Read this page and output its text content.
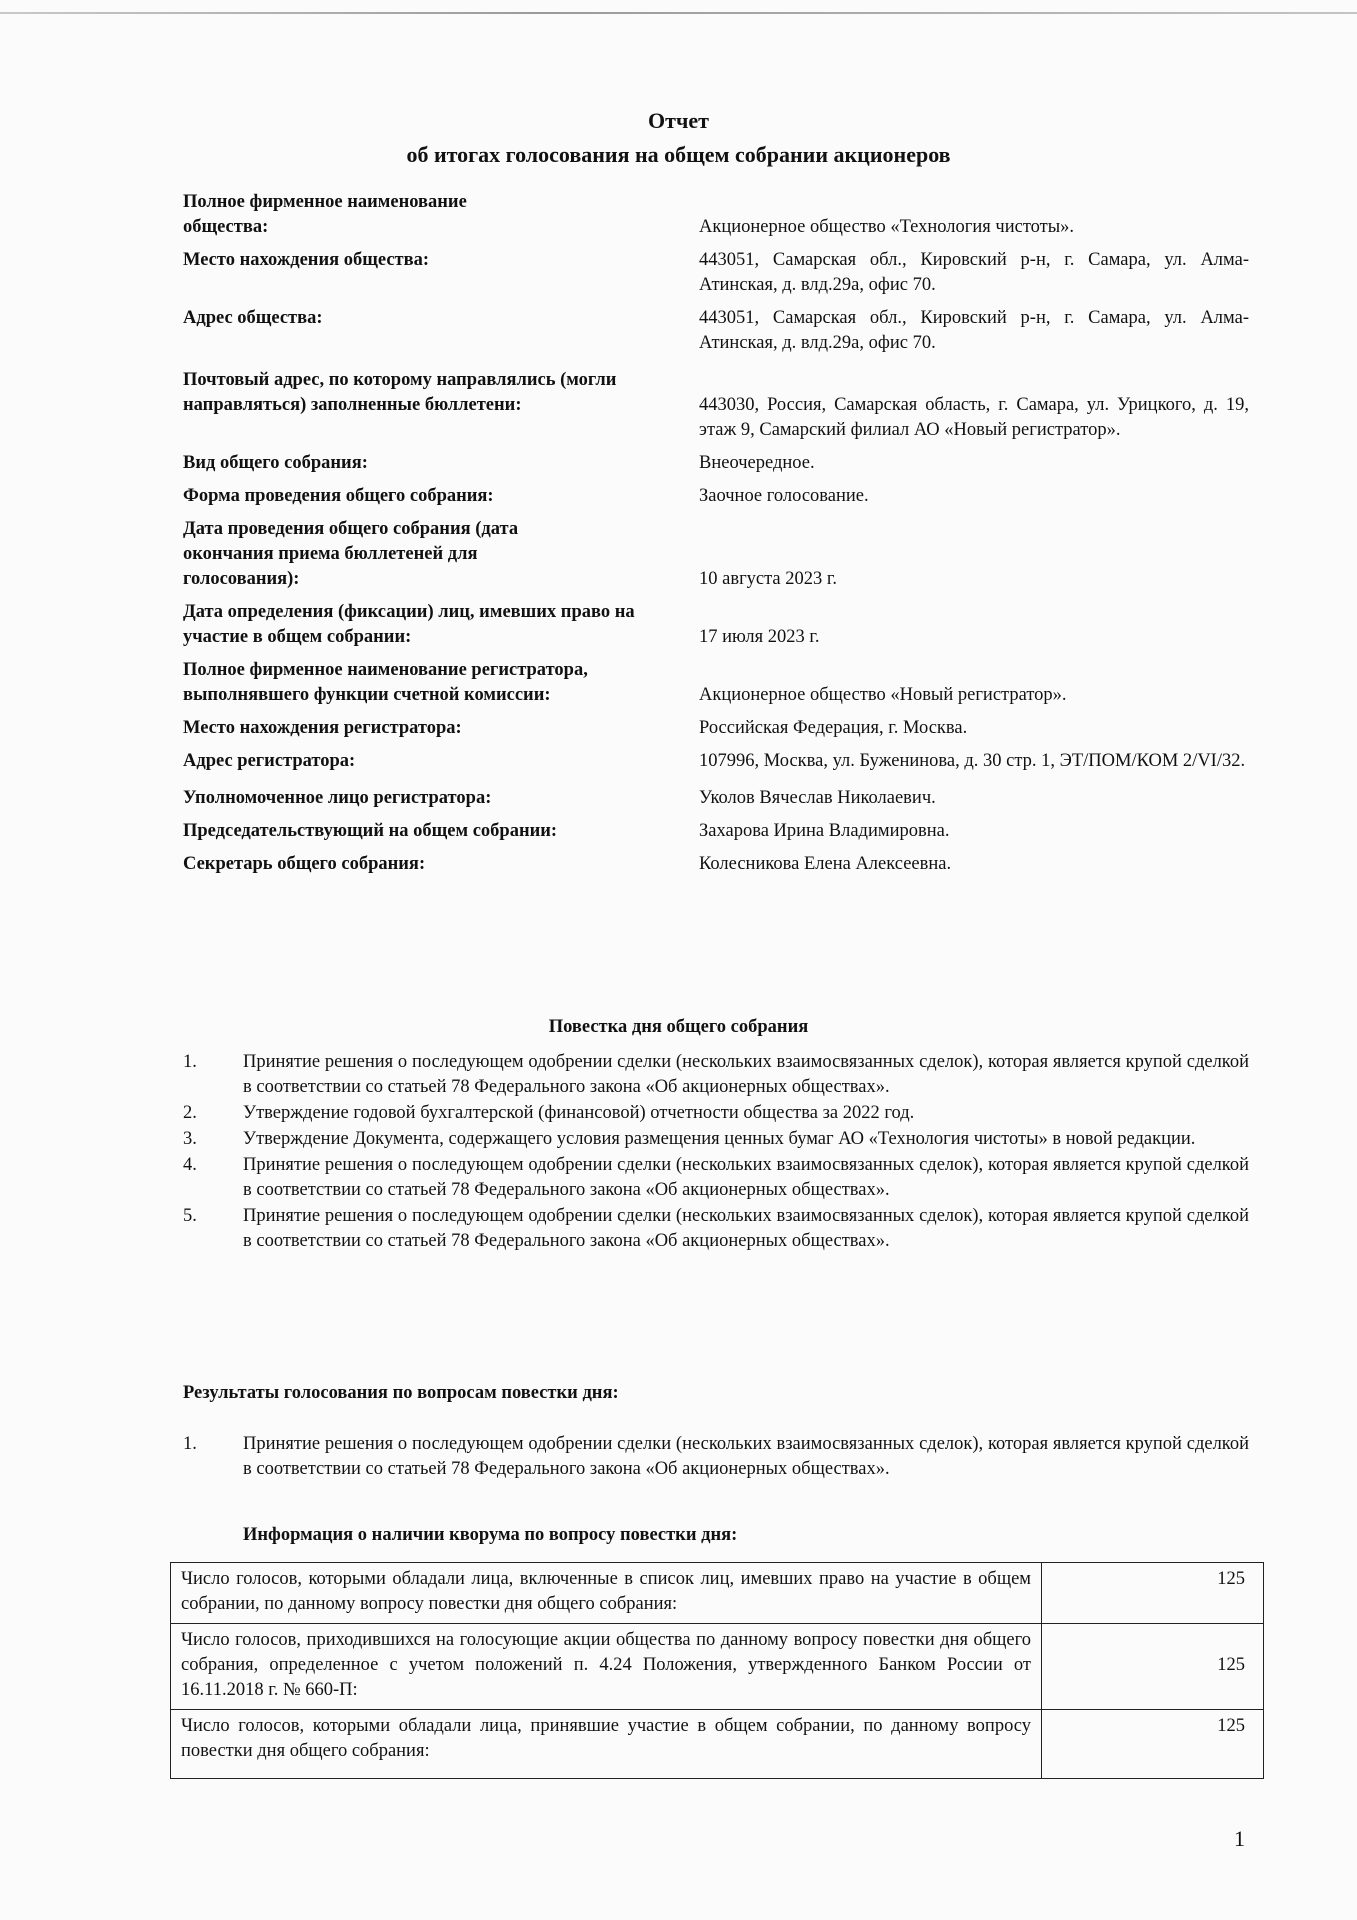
Отчет
об итогах голосования на общем собрании акционеров
Полное фирменное наименование общества:	Акционерное общество «Технология чистоты».
Место нахождения общества:	443051, Самарская обл., Кировский р-н, г. Самара, ул. Алма-Атинская, д. влд.29а, офис 70.
Адрес общества:	443051, Самарская обл., Кировский р-н, г. Самара, ул. Алма-Атинская, д. влд.29а, офис 70.
Почтовый адрес, по которому направлялись (могли направляться) заполненные бюллетени:	443030, Россия, Самарская область, г. Самара, ул. Урицкого, д. 19, этаж 9, Самарский филиал АО «Новый регистратор».
Вид общего собрания:	Внеочередное.
Форма проведения общего собрания:	Заочное голосование.
Дата проведения общего собрания (дата окончания приема бюллетеней для голосования):	10 августа 2023 г.
Дата определения (фиксации) лиц, имевших право на участие в общем собрании:	17 июля 2023 г.
Полное фирменное наименование регистратора, выполнявшего функции счетной комиссии:	Акционерное общество «Новый регистратор».
Место нахождения регистратора:	Российская Федерация, г. Москва.
Адрес регистратора:	107996, Москва, ул. Буженинова, д. 30 стр. 1, ЭТ/ПОМ/КОМ 2/VI/32.
Уполномоченное лицо регистратора:	Уколов Вячеслав Николаевич.
Председательствующий на общем собрании:	Захарова Ирина Владимировна.
Секретарь общего собрания:	Колесникова Елена Алексеевна.
Повестка дня общего собрания
1.	Принятие решения о последующем одобрении сделки (нескольких взаимосвязанных сделок), которая является крупой сделкой в соответствии со статьей 78 Федерального закона «Об акционерных обществах».
2.	Утверждение годовой бухгалтерской (финансовой) отчетности общества за 2022 год.
3.	Утверждение Документа, содержащего условия размещения ценных бумаг АО «Технология чистоты» в новой редакции.
4.	Принятие решения о последующем одобрении сделки (нескольких взаимосвязанных сделок), которая является крупой сделкой в соответствии со статьей 78 Федерального закона «Об акционерных обществах».
5.	Принятие решения о последующем одобрении сделки (нескольких взаимосвязанных сделок), которая является крупой сделкой в соответствии со статьей 78 Федерального закона «Об акционерных обществах».
Результаты голосования по вопросам повестки дня:
1.	Принятие решения о последующем одобрении сделки (нескольких взаимосвязанных сделок), которая является крупой сделкой в соответствии со статьей 78 Федерального закона «Об акционерных обществах».
Информация о наличии кворума по вопросу повестки дня:
Число голосов, которыми обладали лица, включенные в список лиц, имевших право на участие в общем собрании, по данному вопросу повестки дня общего собрания:	125
Число голосов, приходившихся на голосующие акции общества по данному вопросу повестки дня общего собрания, определенное с учетом положений п. 4.24 Положения, утвержденного Банком России от 16.11.2018 г. № 660-П:	125
Число голосов, которыми обладали лица, принявшие участие в общем собрании, по данному вопросу повестки дня общего собрания:	125
1
